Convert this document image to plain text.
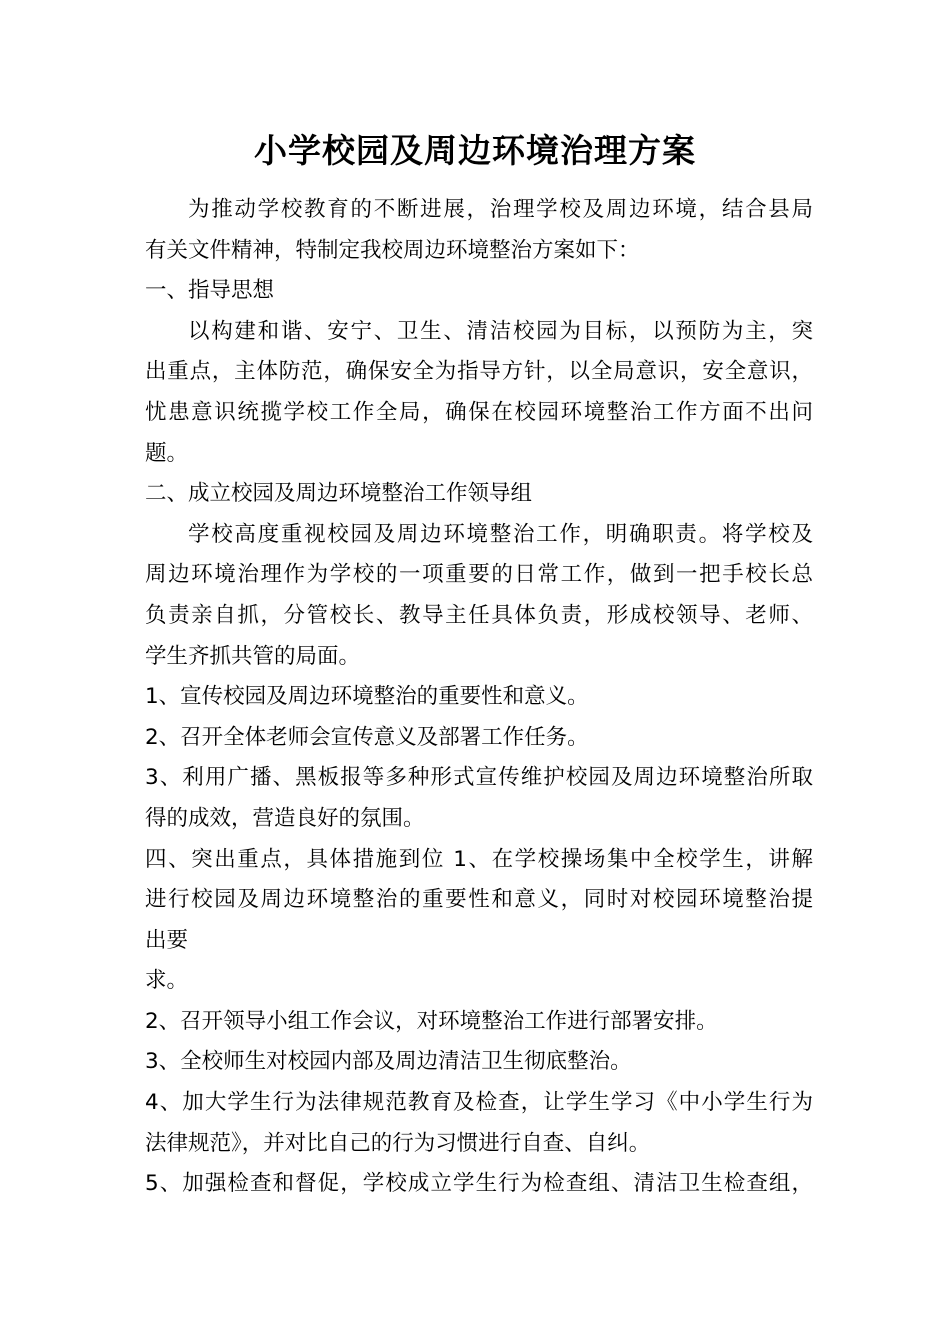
小学校园及周边环境治理方案
为推动学校教育的不断进展，治理学校及周边环境，结合县局
有关文件精神，特制定我校周边环境整治方案如下：
一、指导思想
以构建和谐、安宁、卫生、清洁校园为目标，以预防为主，突
出重点，主体防范，确保安全为指导方针，以全局意识，安全意识，
忧患意识统揽学校工作全局，确保在校园环境整治工作方面不出问
题。
二、成立校园及周边环境整治工作领导组
学校高度重视校园及周边环境整治工作，明确职责。将学校及
周边环境治理作为学校的一项重要的日常工作，做到一把手校长总
负责亲自抓，分管校长、教导主任具体负责，形成校领导、老师、
学生齐抓共管的局面。
1、宣传校园及周边环境整治的重要性和意义。
2、召开全体老师会宣传意义及部署工作任务。
3、利用广播、黑板报等多种形式宣传维护校园及周边环境整治所取
得的成效，营造良好的氛围。
四、突出重点，具体措施到位 1、在学校操场集中全校学生，讲解
进行校园及周边环境整治的重要性和意义，同时对校园环境整治提
出要
求。
2、召开领导小组工作会议，对环境整治工作进行部署安排。
3、全校师生对校园内部及周边清洁卫生彻底整治。
4、加大学生行为法律规范教育及检查，让学生学习《中小学生行为
法律规范》，并对比自己的行为习惯进行自查、自纠。
5、加强检查和督促，学校成立学生行为检查组、清洁卫生检查组，
